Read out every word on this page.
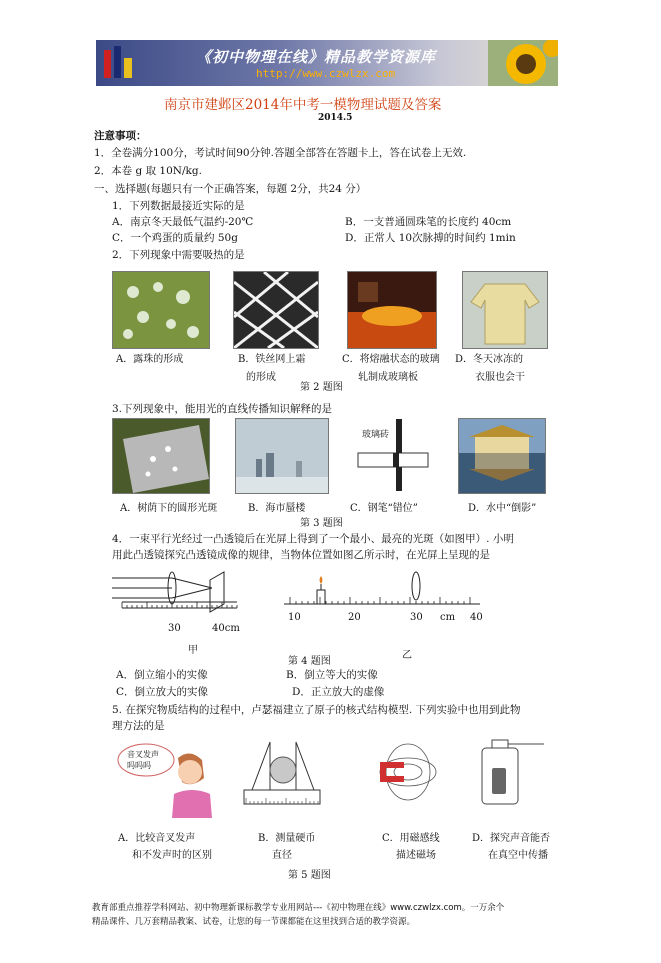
《初中物理在线》精品教学资源库
http://www.czwlzx.com
南京市建邺区2014年中考一模物理试题及答案
2014.5
注意事项：
1．全卷满分100分，考试时间90分钟.答题全部答在答题卡上，答在试卷上无效.
2．本卷 g 取 10N/kg.
一、选择题(每题只有一个正确答案，每题 2分，共24 分）
1．下列数据最接近实际的是
A．南京冬天最低气温约-20℃	B．一支普通圆珠笔的长度约 40cm
C．一个鸡蛋的质量约 50g	D．正常人 10次脉搏的时间约 1min
2．下列现象中需要吸热的是
A．露珠的形成	B．铁丝网上霜
的形成
C．将熔融状态的玻璃
轧制成玻璃板
D．冬天冰冻的
衣服也会干
第 2 题图
3.下列现象中，能用光的直线传播知识解释的是
玻璃砖
A．树荫下的圆形光斑	B．海市蜃楼	C．钢笔“错位”	D．水中“倒影”
第 3 题图
4．一束平行光经过一凸透镜后在光屏上得到了一个最小、最亮的光斑（如图甲）. 小明
用此凸透镜探究凸透镜成像的规律，当物体位置如图乙所示时，在光屏上呈现的是
30	40cm
甲
10	20	30 cm 40
乙
第 4 题图
A．倒立缩小的实像	B．倒立等大的实像
C．倒立放大的实像	D．正立放大的虚像
5. 在探究物质结构的过程中，卢瑟福建立了原子的核式结构模型. 下列实验中也用到此物
理方法的是
音叉发声
吗吗吗
A．比较音叉发声
和不发声时的区别
B．测量硬币
直径
C．用磁感线
描述磁场
D．探究声音能否
在真空中传播
第 5 题图
教育部重点推荐学科网站、初中物理新课标教学专业用网站---《初中物理在线》www.czwlzx.com。一万余个
精品课件、几万套精品教案、试卷，让您的每一节课都能在这里找到合适的教学资源。
